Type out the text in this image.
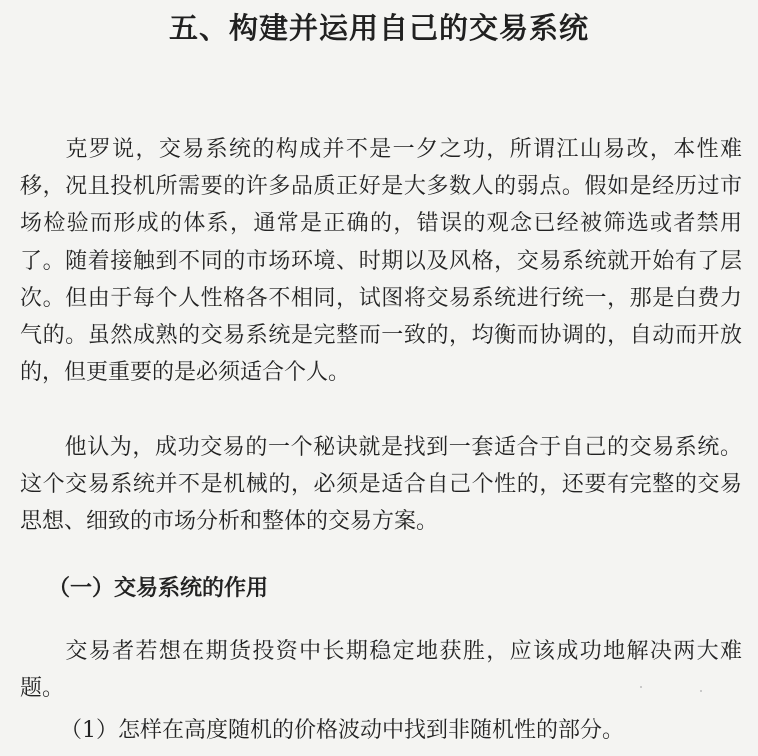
五、构建并运用自己的交易系统

克罗说，交易系统的构成并不是一夕之功，所谓江山易改，本性难移，况且投机所需要的许多品质正好是大多数人的弱点。假如是经历过市场检验而形成的体系，通常是正确的，错误的观念已经被筛选或者禁用了。随着接触到不同的市场环境、时期以及风格，交易系统就开始有了层次。但由于每个人性格各不相同，试图将交易系统进行统一，那是白费力气的。虽然成熟的交易系统是完整而一致的，均衡而协调的，自动而开放的，但更重要的是必须适合个人。

他认为，成功交易的一个秘诀就是找到一套适合于自己的交易系统。这个交易系统并不是机械的，必须是适合自己个性的，还要有完整的交易思想、细致的市场分析和整体的交易方案。

（一）交易系统的作用

交易者若想在期货投资中长期稳定地获胜，应该成功地解决两大难题。

（1）怎样在高度随机的价格波动中找到非随机性的部分。
